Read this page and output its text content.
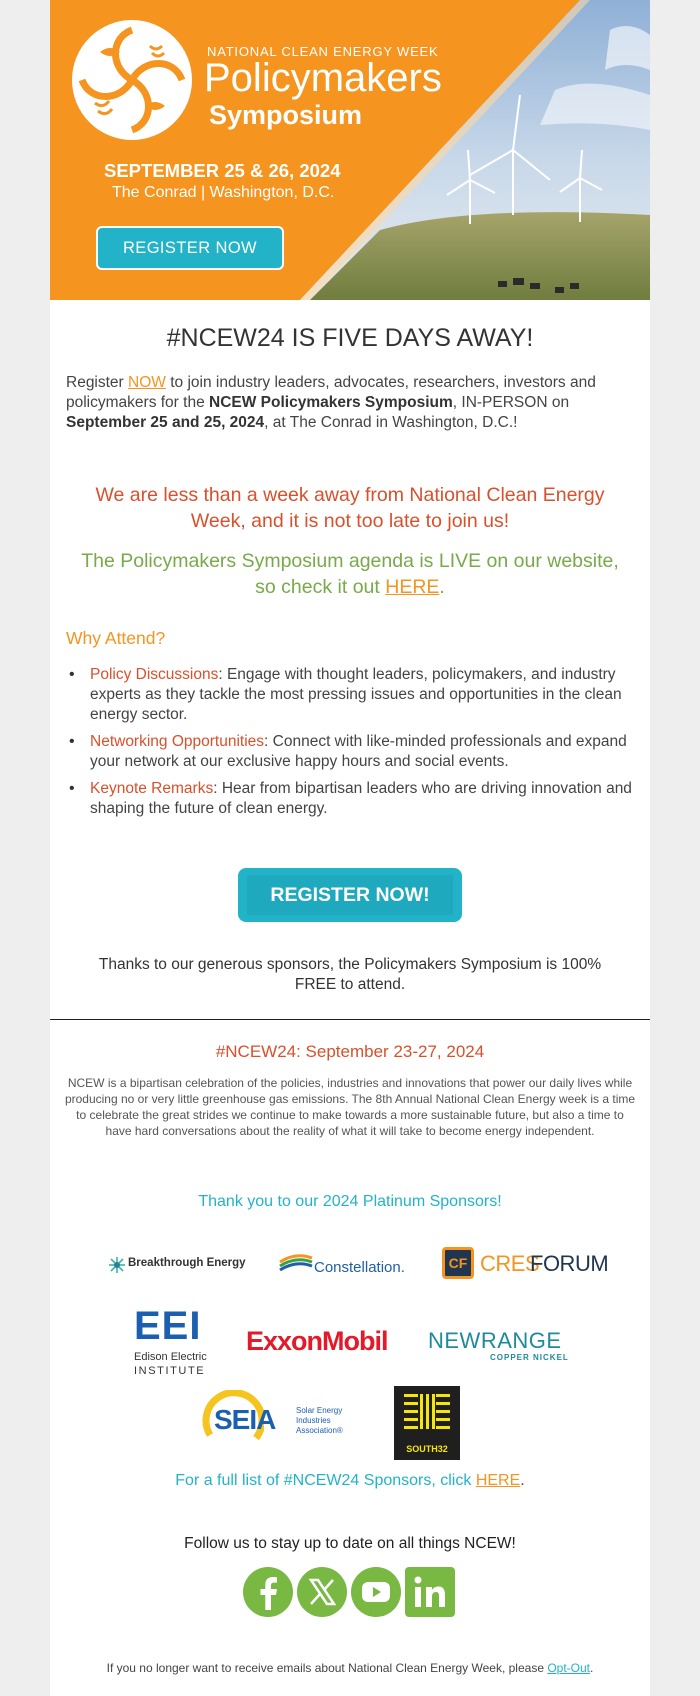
NATIONAL CLEAN ENERGY WEEK
Policymakers
Symposium
SEPTEMBER 25 & 26, 2024
The Conrad | Washington, D.C.
REGISTER NOW
#NCEW24 IS FIVE DAYS AWAY!

Register NOW to join industry leaders, advocates, researchers, investors and policymakers for the NCEW Policymakers Symposium, IN-PERSON on September 25 and 25, 2024, at The Conrad in Washington, D.C.!

We are less than a week away from National Clean Energy Week, and it is not too late to join us!
The Policymakers Symposium agenda is LIVE on our website, so check it out HERE.
Why Attend?
• Policy Discussions: Engage with thought leaders, policymakers, and industry experts as they tackle the most pressing issues and opportunities in the clean energy sector.
• Networking Opportunities: Connect with like-minded professionals and expand your network at our exclusive happy hours and social events.
• Keynote Remarks: Hear from bipartisan leaders who are driving innovation and shaping the future of clean energy.
REGISTER NOW!
Thanks to our generous sponsors, the Policymakers Symposium is 100% FREE to attend.
#NCEW24: September 23-27, 2024
NCEW is a bipartisan celebration of the policies, industries and innovations that power our daily lives while producing no or very little greenhouse gas emissions. The 8th Annual National Clean Energy week is a time to celebrate the great strides we continue to make towards a more sustainable future, but also a time to have hard conversations about the reality of what it will take to become energy independent.
Thank you to our 2024 Platinum Sponsors!
Breakthrough Energy	Constellation.	CF CRES
FORUM
EEI
Edison Electric
INSTITUTE
ExxonMobil NEWRANGE
COPPER NICKEL
SEIA	Solar Energy
Industries
Association®
SOUTH32
For a full list of #NCEW24 Sponsors, click HERE.
Follow us to stay up to date on all things NCEW!
If you no longer want to receive emails about National Clean Energy Week, please Opt-Out.
